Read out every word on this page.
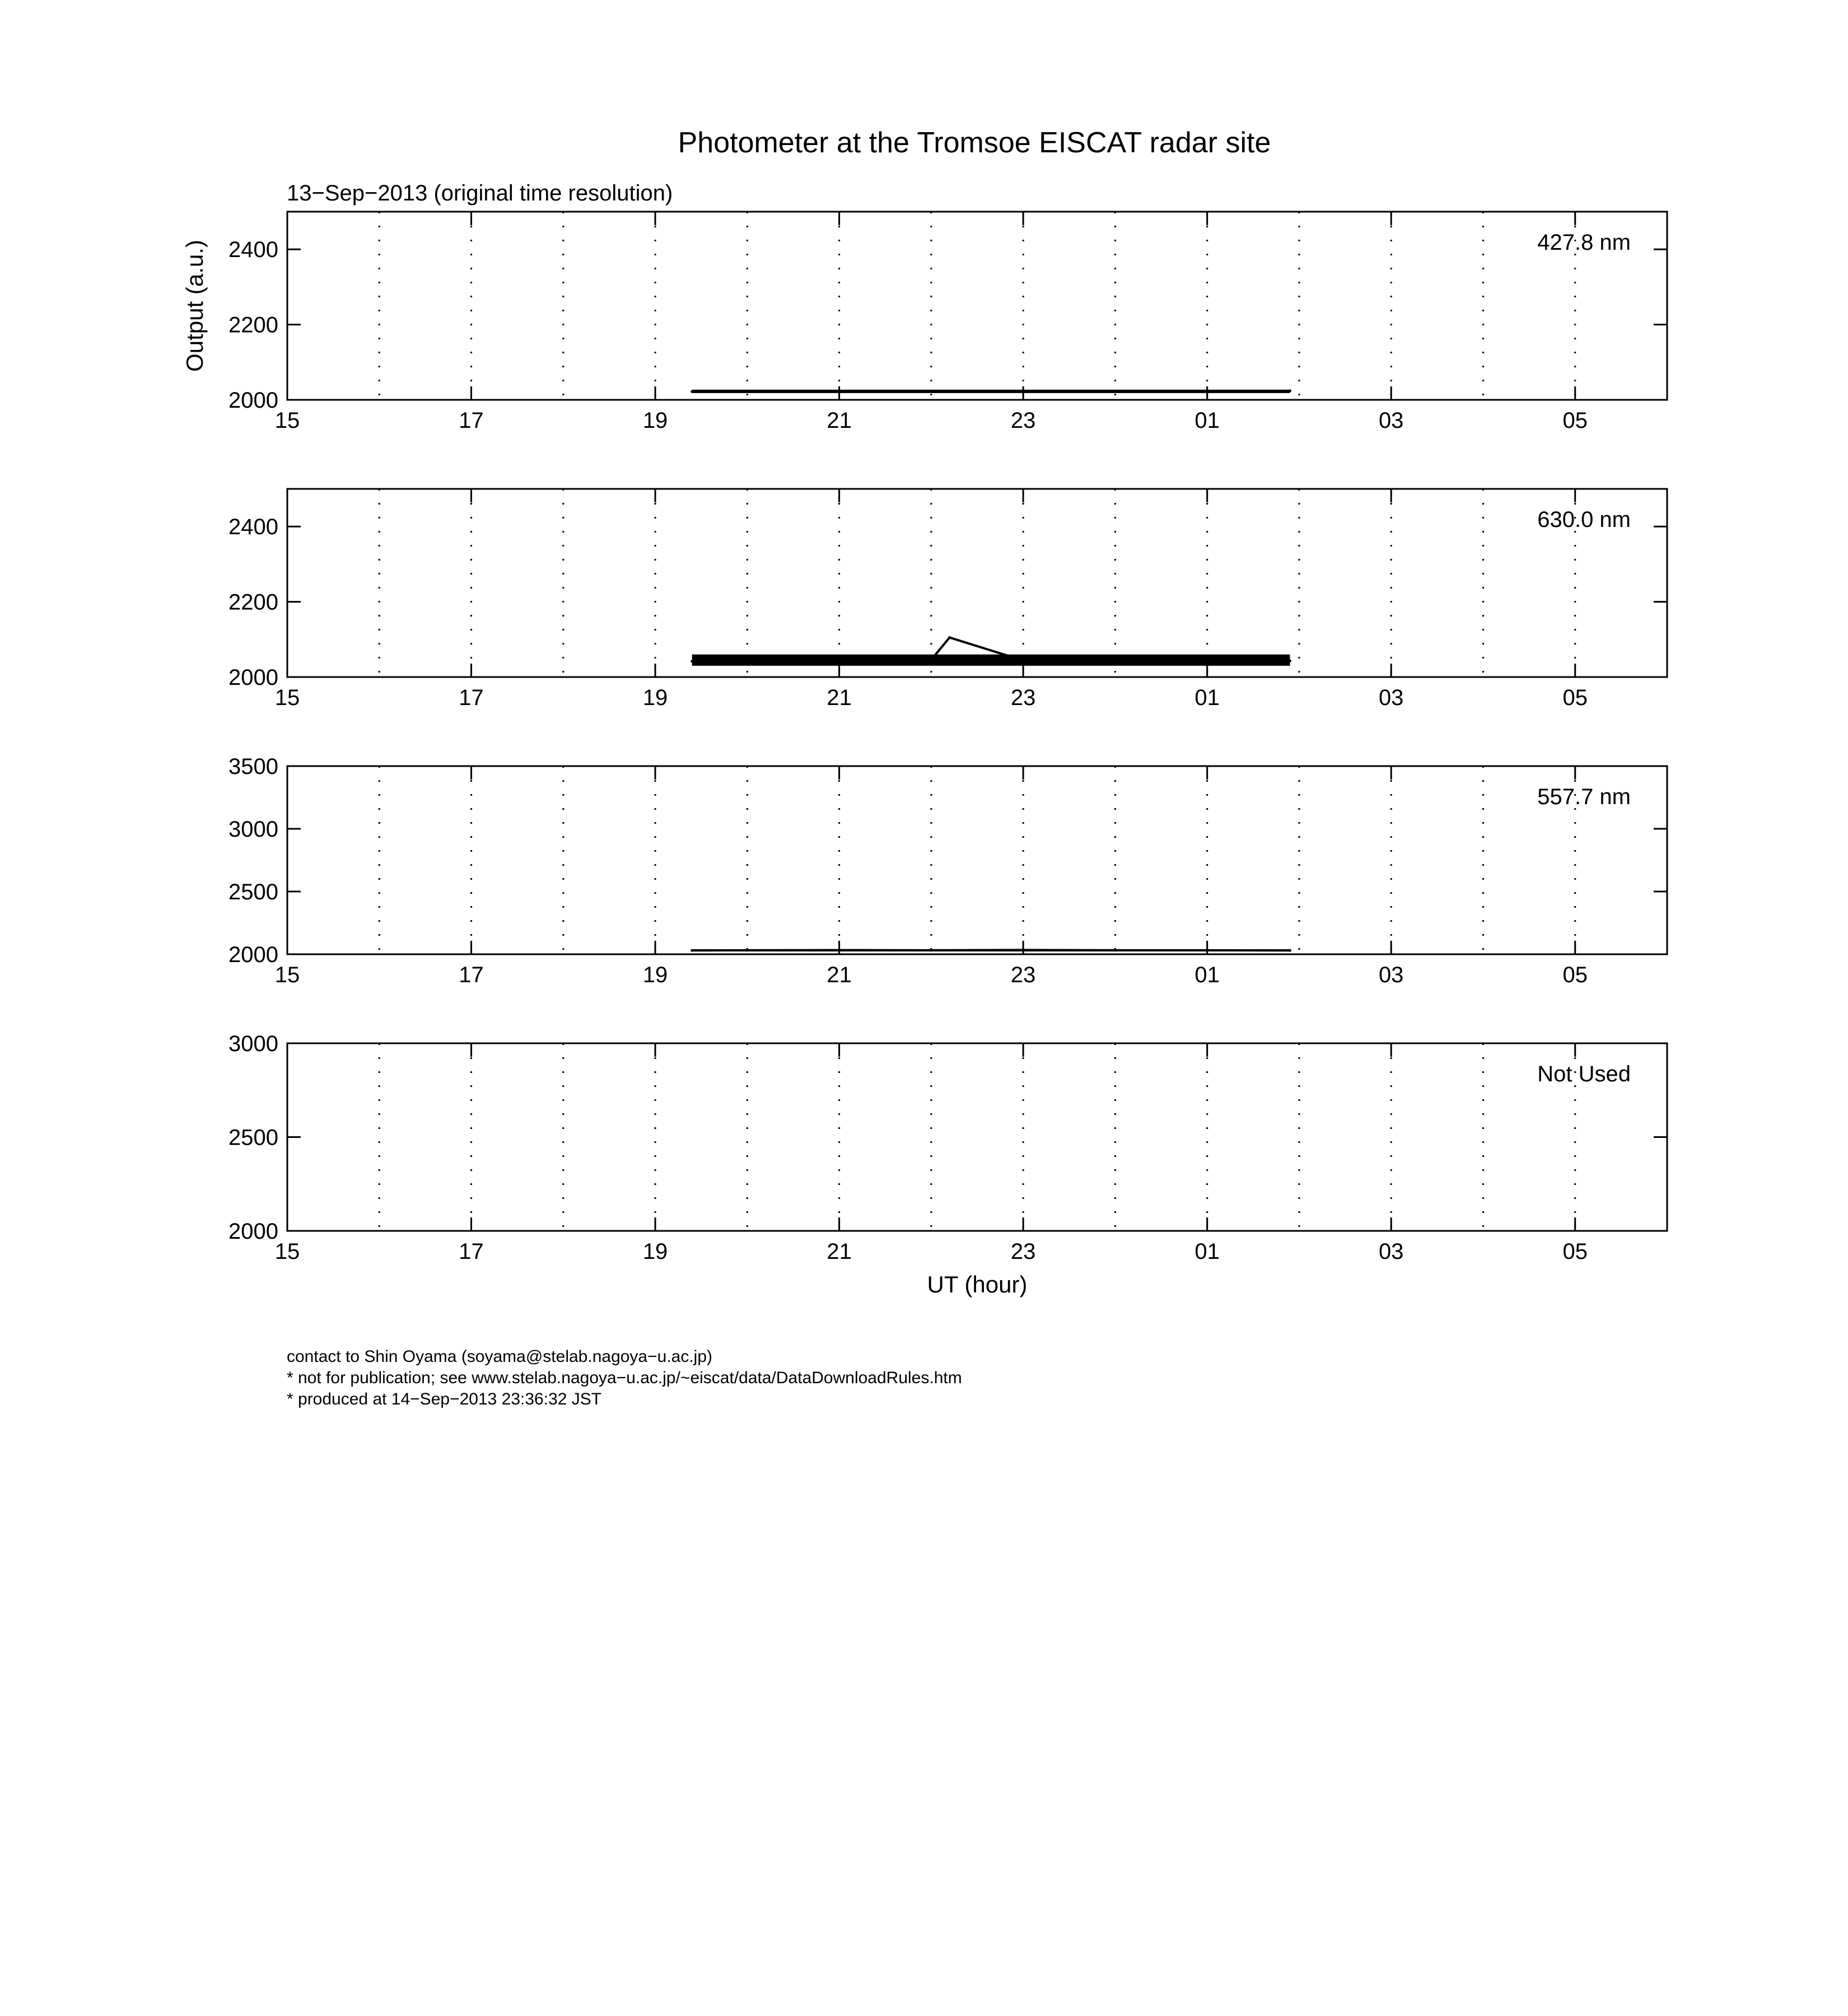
Photometer at the Tromsoe EISCAT radar site
13−Sep−2013 (original time resolution)
2000
2200
2400
15	17	19	21	23	01	03	05
427.8 nm
Output (a.u.)
2000
2200
2400
15	17	19	21	23	01	03	05
630.0 nm
2000
2500
3000
3500
15	17	19	21	23	01	03	05
557.7 nm
2000
2500
3000
15	17	19	21	23	01	03	05
Not Used
UT (hour)
contact to Shin Oyama (soyama@stelab.nagoya−u.ac.jp)
* not for publication; see www.stelab.nagoya−u.ac.jp/~eiscat/data/DataDownloadRules.htm
* produced at 14−Sep−2013 23:36:32 JST
